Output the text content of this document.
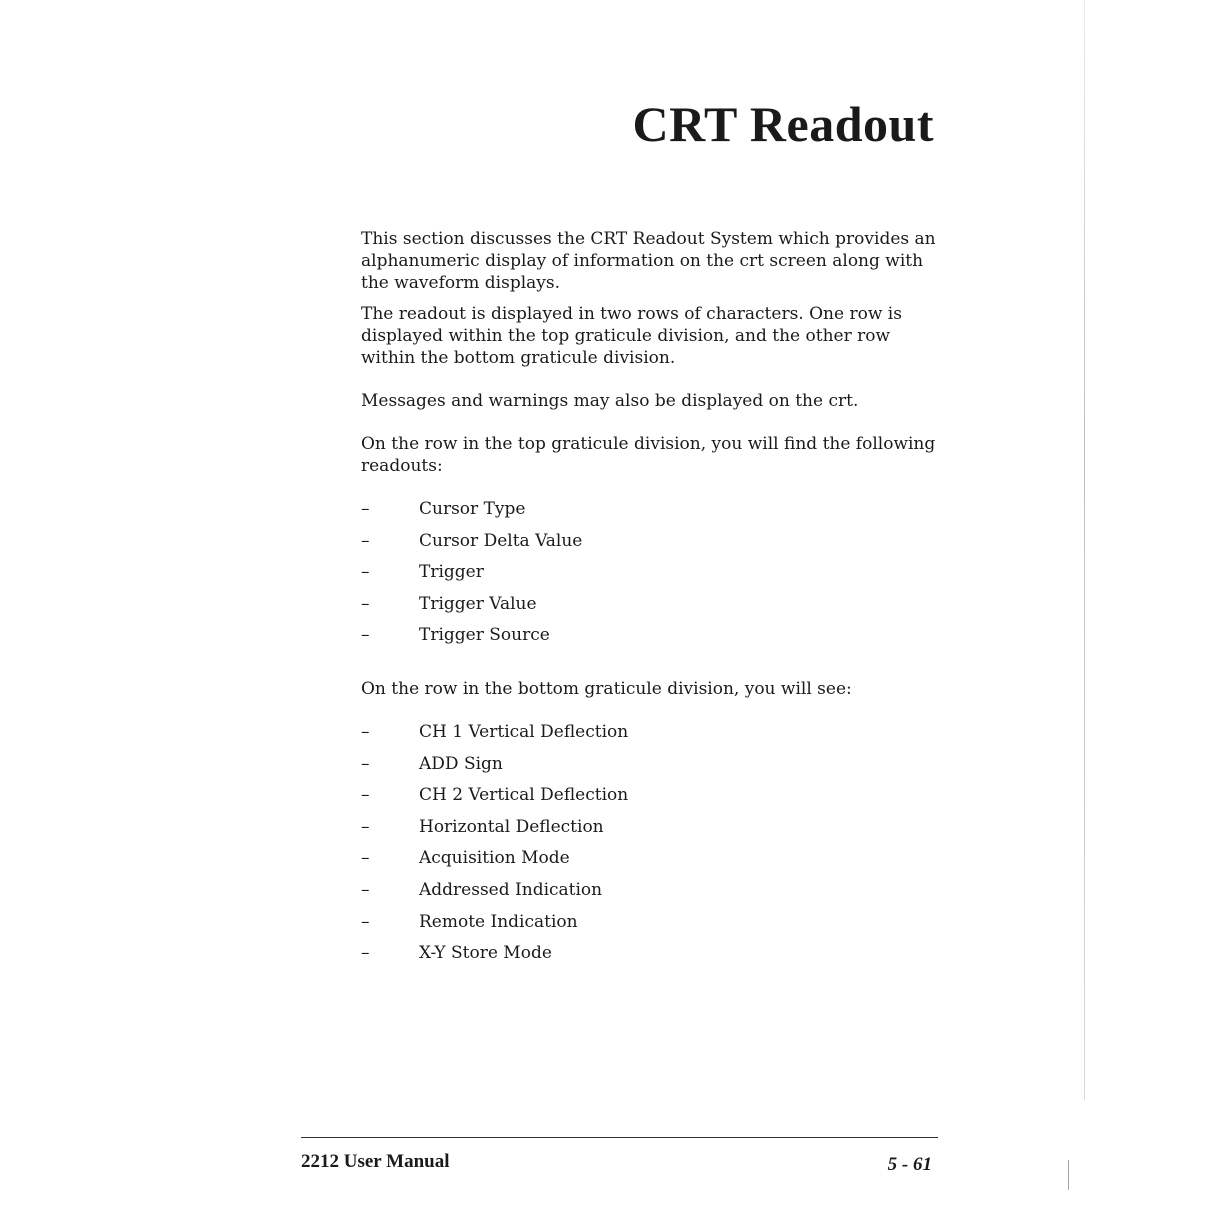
CRT Readout

This section discusses the CRT Readout System which provides an alphanumeric display of information on the crt screen along with the waveform displays.

The readout is displayed in two rows of characters. One row is displayed within the top graticule division, and the other row within the bottom graticule division.

Messages and warnings may also be displayed on the crt.

On the row in the top graticule division, you will find the following readouts:

–	Cursor Type
–	Cursor Delta Value
–	Trigger
–	Trigger Value
–	Trigger Source

On the row in the bottom graticule division, you will see:

–	CH 1 Vertical Deflection
–	ADD Sign
–	CH 2 Vertical Deflection
–	Horizontal Deflection
–	Acquisition Mode
–	Addressed Indication
–	Remote Indication
–	X-Y Store Mode
2212 User Manual	5 - 61
